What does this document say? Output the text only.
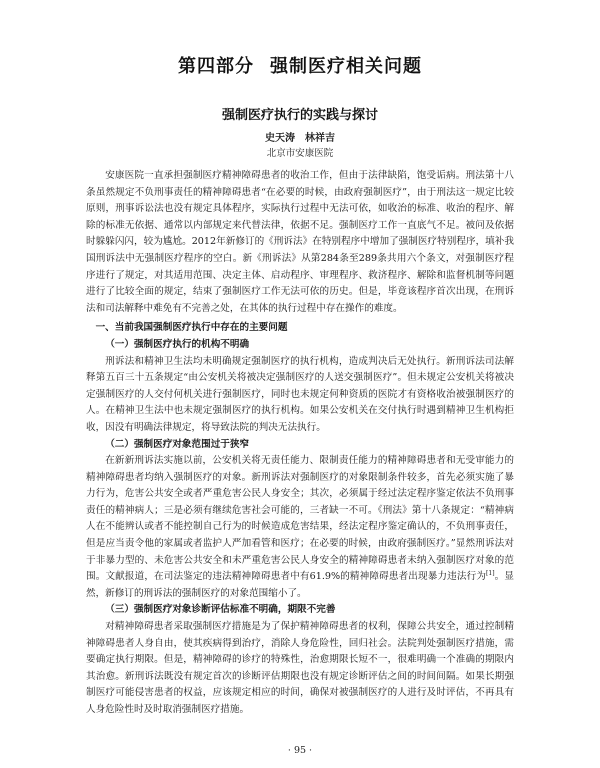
第四部分 强制医疗相关问题
强制医疗执行的实践与探讨
史天涛 林祥吉
北京市安康医院

安康医院一直承担强制医疗精神障碍患者的收治工作，但由于法律缺陷，饱受诟病。刑法第十八条虽然规定不负刑事责任的精神障碍患者“在必要的时候，由政府强制医疗”，由于刑法这一规定比较原则，刑事诉讼法也没有规定具体程序，实际执行过程中无法可依，如收治的标准、收治的程序、解除的标准无依据、通常以内部规定来代替法律，依据不足。强制医疗工作一直底气不足。被问及依据时躲躲闪闪，较为尴尬。2012年新修订的《刑诉法》在特别程序中增加了强制医疗特别程序，填补我国刑诉法中无强制医疗程序的空白。新《刑诉法》从第284条至289条共用六个条文，对强制医疗程序进行了规定，对其适用范围、决定主体、启动程序、审理程序、救济程序、解除和监督机制等问题进行了比较全面的规定，结束了强制医疗工作无法可依的历史。但是，毕竟该程序首次出现，在刑诉法和司法解释中难免有不完善之处，在其体的执行过程中存在操作的难度。

一、当前我国强制医疗执行中存在的主要问题
（一）强制医疗执行的机构不明确

刑诉法和精神卫生法均未明确规定强制医疗的执行机构，造成判决后无处执行。新刑诉法司法解释第五百三十五条规定“由公安机关将被决定强制医疗的人送交强制医疗”。但未规定公安机关将被决定强制医疗的人交付何机关进行强制医疗，同时也未规定何种资质的医院才有资格收治被强制医疗的人。在精神卫生法中也未规定强制医疗的执行机构。如果公安机关在交付执行时遇到精神卫生机构拒收，因没有明确法律规定，将导致法院的判决无法执行。

（二）强制医疗对象范围过于狭窄

在新新刑诉法实施以前，公安机关将无责任能力、限制责任能力的精神障碍患者和无受审能力的精神障碍患者均纳入强制医疗的对象。新刑诉法对强制医疗的对象限制条件较多，首先必须实施了暴力行为，危害公共安全或者严重危害公民人身安全；其次，必须属于经过法定程序鉴定依法不负刑事责任的精神病人；三是必须有继续危害社会可能的，三者缺一不可。《刑法》第十八条规定：“精神病人在不能辨认或者不能控制自己行为的时候造成危害结果，经法定程序鉴定确认的，不负刑事责任，但是应当责令他的家属或者监护人严加看管和医疗；在必要的时候，由政府强制医疗。”显然刑诉法对于非暴力型的、未危害公共安全和未严重危害公民人身安全的精神障碍患者未纳入强制医疗对象的范围。文献报道，在司法鉴定的违法精神障碍患者中有61.9%的精神障碍患者出现暴力违法行为[1]。显然，新修订的刑诉法的强制医疗的对象范围缩小了。

（三）强制医疗对象诊断评估标准不明确，期限不完善

对精神障碍患者采取强制医疗措施是为了保护精神障碍患者的权利，保障公共安全，通过控制精神障碍患者人身自由，使其疾病得到治疗，消除人身危险性，回归社会。法院判处强制医疗措施，需要确定执行期限。但是，精神障碍的诊疗的特殊性，治愈期限长短不一，很难明确一个准确的期限内其治愈。新刑诉法既没有规定首次的诊断评估期限也没有规定诊断评估之间的时间间隔。如果长期强制医疗可能侵害患者的权益，应该规定相应的时间，确保对被强制医疗的人进行及时评估，不再具有人身危险性时及时取消强制医疗措施。

· 95 ·
